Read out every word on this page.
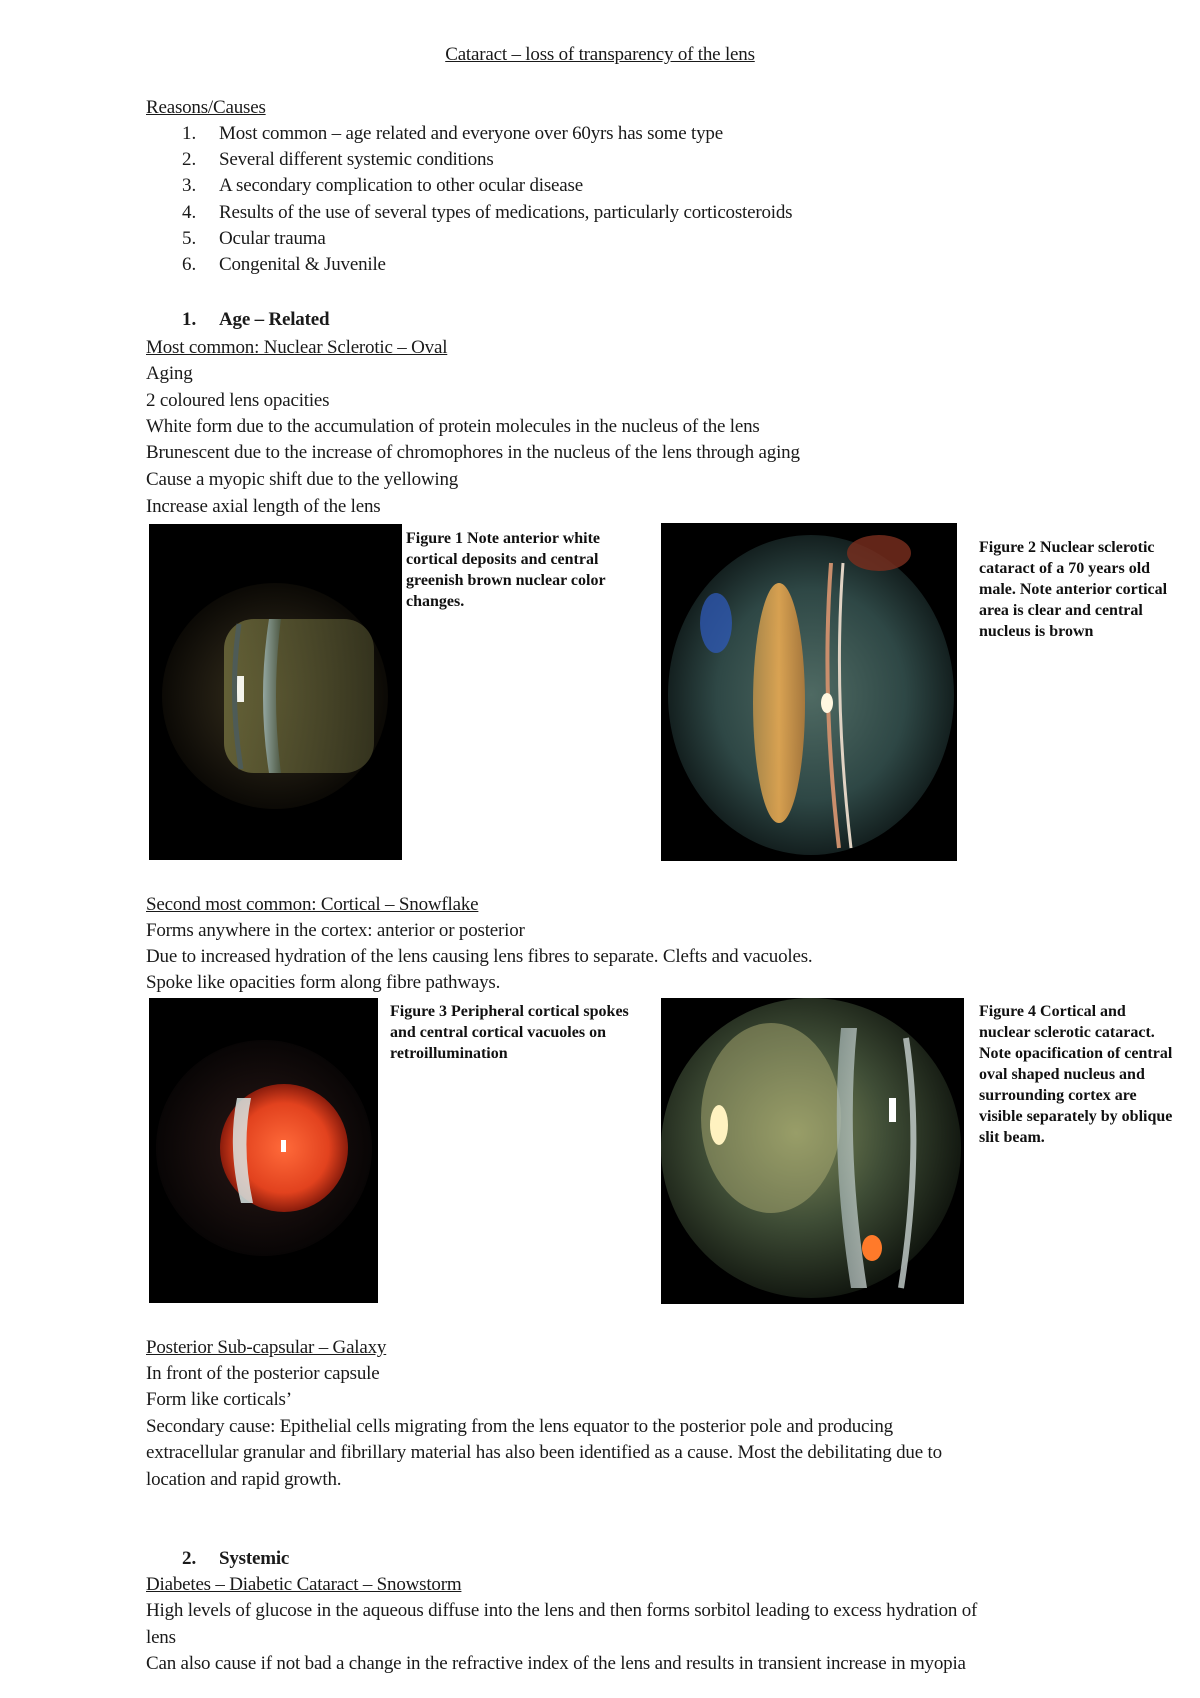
Cataract – loss of transparency of the lens
Reasons/Causes
1. Most common – age related and everyone over 60yrs has some type
2. Several different systemic conditions
3. A secondary complication to other ocular disease
4. Results of the use of several types of medications, particularly corticosteroids
5. Ocular trauma
6. Congenital & Juvenile
1. Age – Related
Most common: Nuclear Sclerotic – Oval
Aging
2 coloured lens opacities
White form due to the accumulation of protein molecules in the nucleus of the lens
Brunescent due to the increase of chromophores in the nucleus of the lens through aging
Cause a myopic shift due to the yellowing
Increase axial length of the lens
Figure 1 Note anterior white cortical deposits and central greenish brown nuclear color changes.
Figure 2 Nuclear sclerotic cataract of a 70 years old male. Note anterior cortical area is clear and central nucleus is brown
Second most common: Cortical – Snowflake
Forms anywhere in the cortex: anterior or posterior
Due to increased hydration of the lens causing lens fibres to separate. Clefts and vacuoles.
Spoke like opacities form along fibre pathways.
Figure 3 Peripheral cortical spokes and central cortical vacuoles on retroillumination
Figure 4 Cortical and nuclear sclerotic cataract. Note opacification of central oval shaped nucleus and surrounding cortex are visible separately by oblique slit beam.
Posterior Sub-capsular – Galaxy
In front of the posterior capsule
Form like corticals’
Secondary cause: Epithelial cells migrating from the lens equator to the posterior pole and producing
extracellular granular and fibrillary material has also been identified as a cause. Most the debilitating due to
location and rapid growth.
2. Systemic
Diabetes – Diabetic Cataract – Snowstorm
High levels of glucose in the aqueous diffuse into the lens and then forms sorbitol leading to excess hydration of
lens
Can also cause if not bad a change in the refractive index of the lens and results in transient increase in myopia
